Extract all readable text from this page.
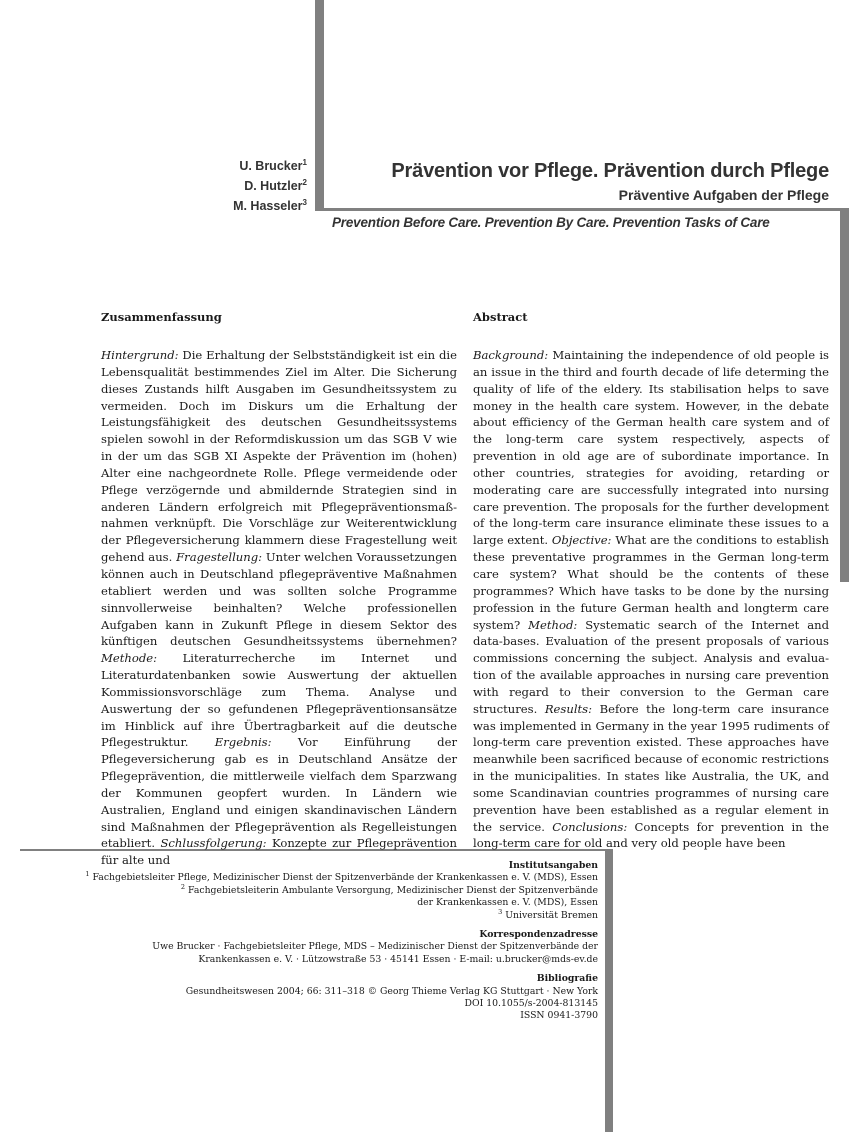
U. Brucker$^1$
D. Hutzler$^2$
M. Hasseler$^3$
Prävention vor Pflege. Prävention durch Pflege
Präventive Aufgaben der Pflege
Prevention Before Care. Prevention By Care. Prevention Tasks of Care
Zusammenfassung

Hintergrund: Die Erhaltung der Selbstständigkeit ist ein die Lebensqualität bestimmendes Ziel im Alter. Die Sicherung dieses Zustands hilft Ausgaben im Gesundheitssystem zu vermeiden. Doch im Diskurs um die Erhaltung der Leistungsfähigkeit des deutschen Gesundheitssystems spielen sowohl in der Reformdiskussion um das SGB V wie in der um das SGB XI Aspekte der Prävention im (hohen) Alter eine nachgeordnete Rolle. Pflege vermeidende oder Pflege verzögernde und abmildernde Strategien sind in anderen Ländern erfolgreich mit Pflegepräventionsmaßnahmen verknüpft. Die Vorschläge zur Weiterentwicklung der Pflegeversicherung klammern diese Fragestellung weit gehend aus. Fragestellung: Unter welchen Voraussetzungen können auch in Deutschland pflegepräventive Maßnahmen etabliert werden und was sollten solche Programme sinnvollerweise beinhalten? Welche professionellen Aufgaben kann in Zukunft Pflege in diesem Sektor des künftigen deutschen Gesundheitssystems übernehmen? Methode: Literaturrecherche im Internet und Literaturdatenbanken sowie Auswertung der aktuellen Kommissionsvorschläge zum Thema. Analyse und Auswertung der so gefundenen Pflegepräventionsansätze im Hinblick auf ihre Übertragbarkeit auf die deutsche Pflegestruktur. Ergebnis: Vor Einführung der Pflegeversicherung gab es in Deutschland Ansätze der Pflegeprävention, die mittlerweile vielfach dem Sparzwang der Kommunen geopfert wurden. In Ländern wie Australien, England und einigen skandinavischen Ländern sind Maßnahmen der Pflegeprävention als Regelleistungen etabliert. Schlussfolgerung: Konzepte zur Pflegeprävention für alte und

Abstract

Background: Maintaining the independence of old people is an issue in the third and fourth decade of life determing the quality of life of the eldery. Its stabilisation helps to save money in the health care system. However, in the debate about efficiency of the German health care system and of the long-term care system respectively, aspects of prevention in old age are of subordinate importance. In other countries, strategies for avoiding, retarding or moderating care are successfully integrated into nursing care prevention. The proposals for the further development of the long-term care insurance eliminate these issues to a large extent. Objective: What are the conditions to establish these preventative programmes in the German long-term care system? What should be the contents of these programmes? Which have tasks to be done by the nursing profession in the future German health and longterm care system? Method: Systematic search of the Internet and data-bases. Evaluation of the present proposals of various commissions concerning the subject. Analysis and evaluation of the available approaches in nursing care prevention with regard to their conversion to the German care structures. Results: Before the long-term care insurance was implemented in Germany in the year 1995 rudiments of long-term care prevention existed. These approaches have meanwhile been sacrificed because of economic restrictions in the municipalities. In states like Australia, the UK, and some Scandinavian countries programmes of nursing care prevention have been established as a regular element in the service. Conclusions: Concepts for prevention in the long-term care for old and very old people have been

Institutsangaben
$^1$ Fachgebietsleiter Pflege, Medizinischer Dienst der Spitzenverbände der Krankenkassen e. V. (MDS), Essen
$^2$ Fachgebietsleiterin Ambulante Versorgung, Medizinischer Dienst der Spitzenverbände
der Krankenkassen e. V. (MDS), Essen
$^3$ Universität Bremen
Korrespondenzadresse
Uwe Brucker · Fachgebietsleiter Pflege, MDS – Medizinischer Dienst der Spitzenverbände der
Krankenkassen e. V. · Lützowstraße 53 · 45141 Essen · E-mail: u.brucker@mds-ev.de
Bibliografie
Gesundheitswesen 2004; 66: 311–318 © Georg Thieme Verlag KG Stuttgart · New York
DOI 10.1055/s-2004-813145
ISSN 0941-3790
